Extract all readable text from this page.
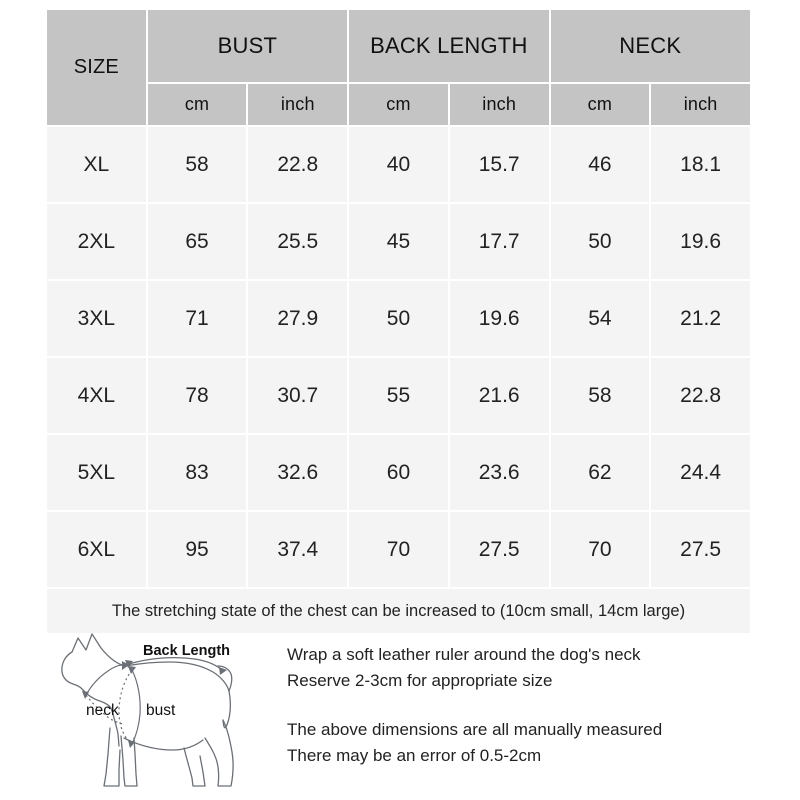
SIZE	BUST		BACK LENGTH		NECK	
	cm	inch	cm	inch	cm	inch
XL	58	22.8	40	15.7	46	18.1
2XL	65	25.5	45	17.7	50	19.6
3XL	71	27.9	50	19.6	54	21.2
4XL	78	30.7	55	21.6	58	22.8
5XL	83	32.6	60	23.6	62	24.4
6XL	95	37.4	70	27.5	70	27.5
The stretching state of the chest can be increased to (10cm small, 14cm large)						
Back Length
neck bust
Wrap a soft leather ruler around the dog's neck
Reserve 2-3cm for appropriate size
The above dimensions are all manually measured
There may be an error of 0.5-2cm
